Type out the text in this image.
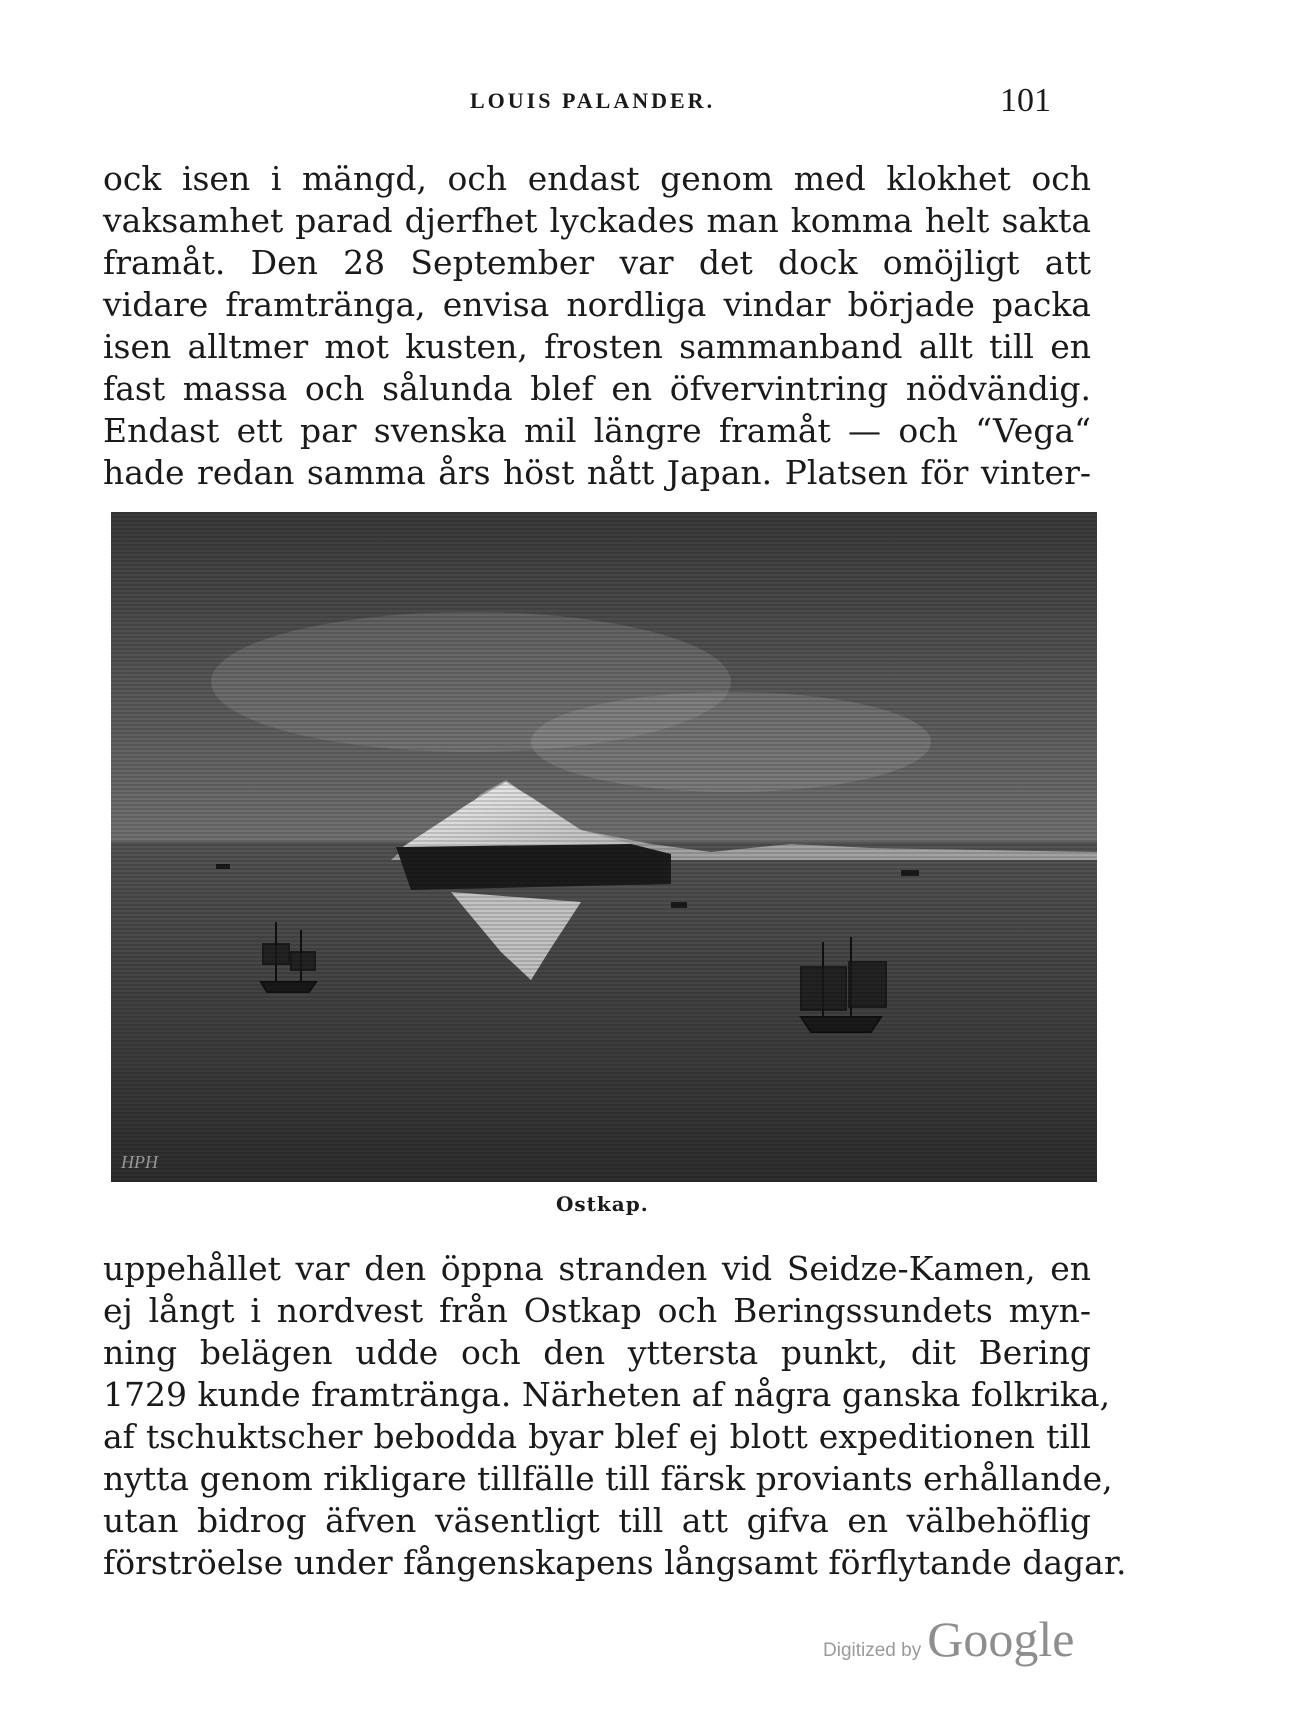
LOUIS PALANDER.	101
ock isen i mängd, och endast genom med klokhet och
vaksamhet parad djerfhet lyckades man komma helt sakta
framåt. Den 28 September var det dock omöjligt att
vidare framtränga, envisa nordliga vindar började packa
isen alltmer mot kusten, frosten sammanband allt till en
fast massa och sålunda blef en öfvervintring nödvändig.
Endast ett par svenska mil längre framåt — och “Vega“
hade redan samma års höst nått Japan. Platsen för vinter-
HPH
Ostkap.
uppehållet var den öppna stranden vid Seidze-Kamen, en
ej långt i nordvest från Ostkap och Beringssundets myn-
ning belägen udde och den yttersta punkt, dit Bering
1729 kunde framtränga. Närheten af några ganska folkrika,
af tschuktscher bebodda byar blef ej blott expeditionen till
nytta genom rikligare tillfälle till färsk proviants erhållande,
utan bidrog äfven väsentligt till att gifva en välbehöflig
förströelse under fångenskapens långsamt förflytande dagar.
Digitized by Google
